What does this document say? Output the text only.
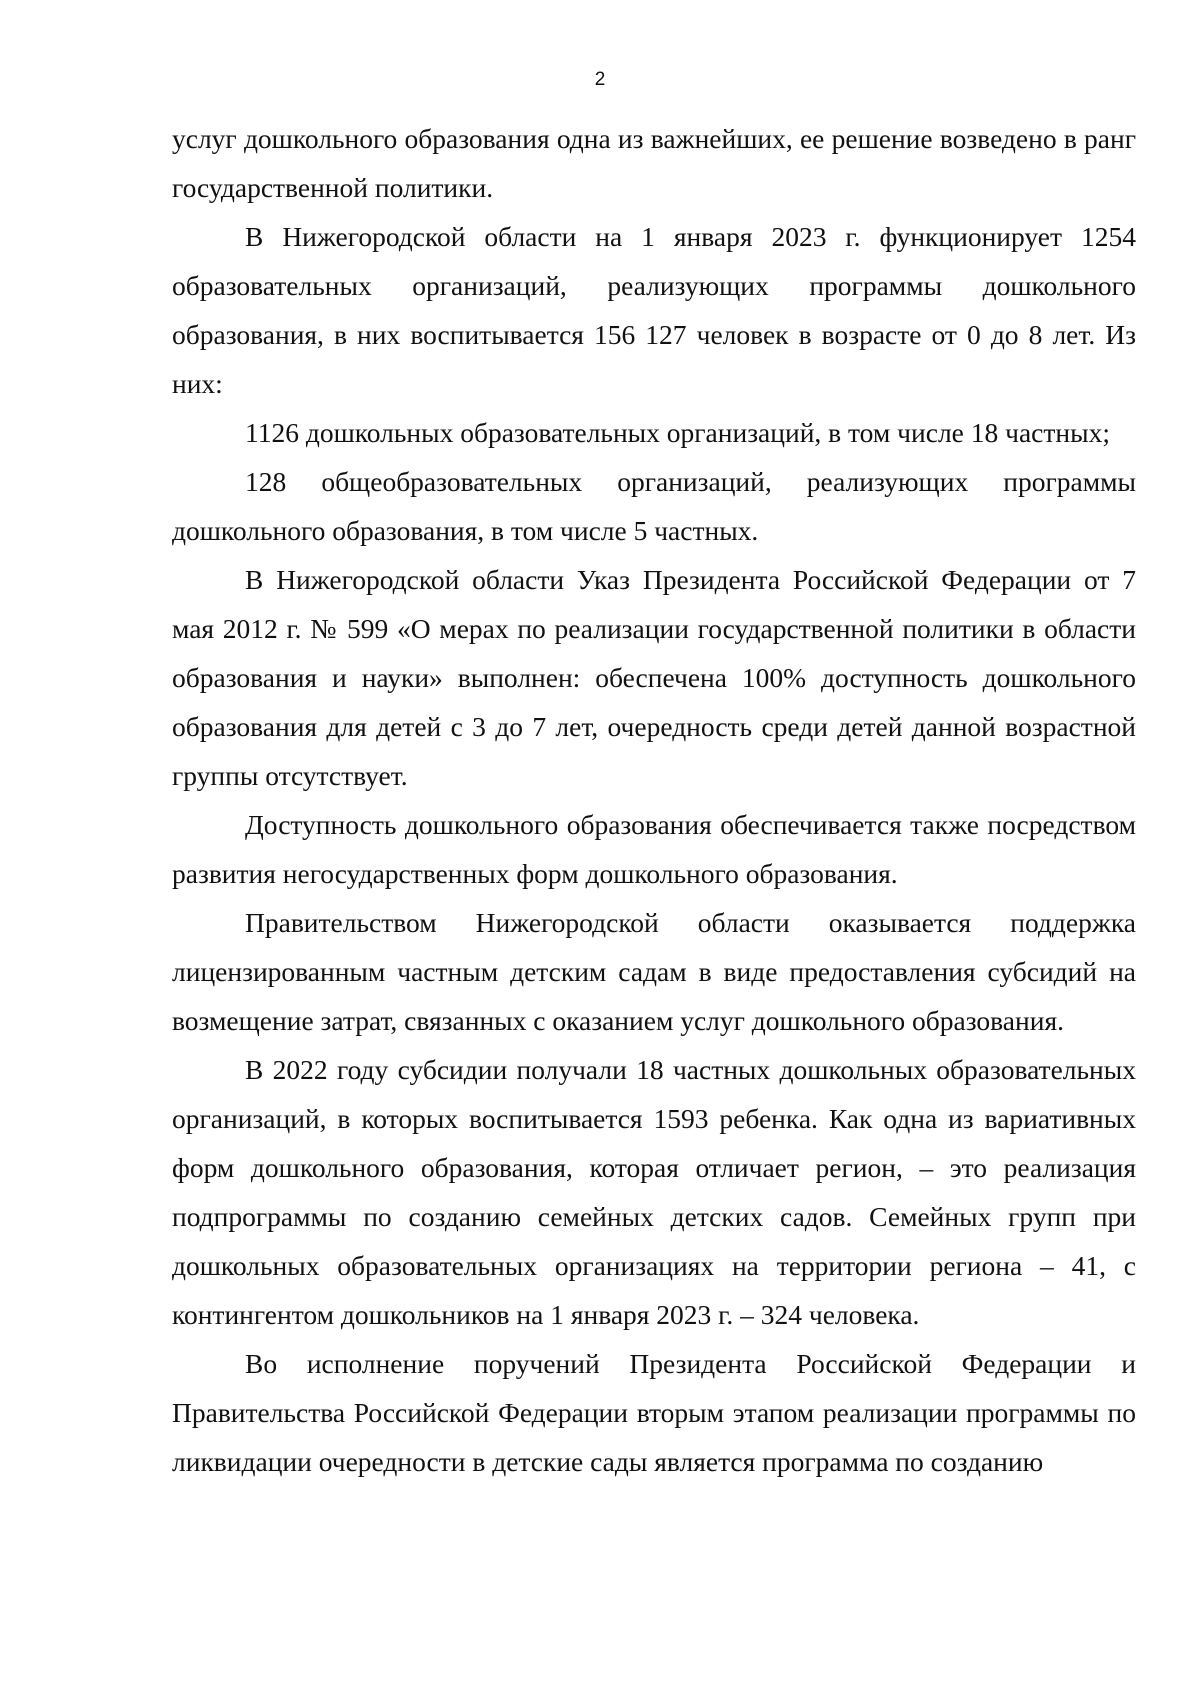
2

услуг дошкольного образования одна из важнейших, ее решение возведено в ранг государственной политики.

В Нижегородской области на 1 января 2023 г. функционирует 1254 образовательных организаций, реализующих программы дошкольного образования, в них воспитывается 156 127 человек в возрасте от 0 до 8 лет. Из них:

1126 дошкольных образовательных организаций, в том числе 18 частных;

128 общеобразовательных организаций, реализующих программы дошкольного образования, в том числе 5 частных.

В Нижегородской области Указ Президента Российской Федерации от 7 мая 2012 г. № 599 «О мерах по реализации государственной политики в области образования и науки» выполнен: обеспечена 100% доступность дошкольного образования для детей с 3 до 7 лет, очередность среди детей данной возрастной группы отсутствует.

Доступность дошкольного образования обеспечивается также посредством развития негосударственных форм дошкольного образования.

Правительством Нижегородской области оказывается поддержка лицензированным частным детским садам в виде предоставления субсидий на возмещение затрат, связанных с оказанием услуг дошкольного образования.

В 2022 году субсидии получали 18 частных дошкольных образовательных организаций, в которых воспитывается 1593 ребенка. Как одна из вариативных форм дошкольного образования, которая отличает регион, – это реализация подпрограммы по созданию семейных детских садов. Семейных групп при дошкольных образовательных организациях на территории региона – 41, с контингентом дошкольников на 1 января 2023 г. – 324 человека.

Во исполнение поручений Президента Российской Федерации и Правительства Российской Федерации вторым этапом реализации программы по ликвидации очередности в детские сады является программа по созданию
